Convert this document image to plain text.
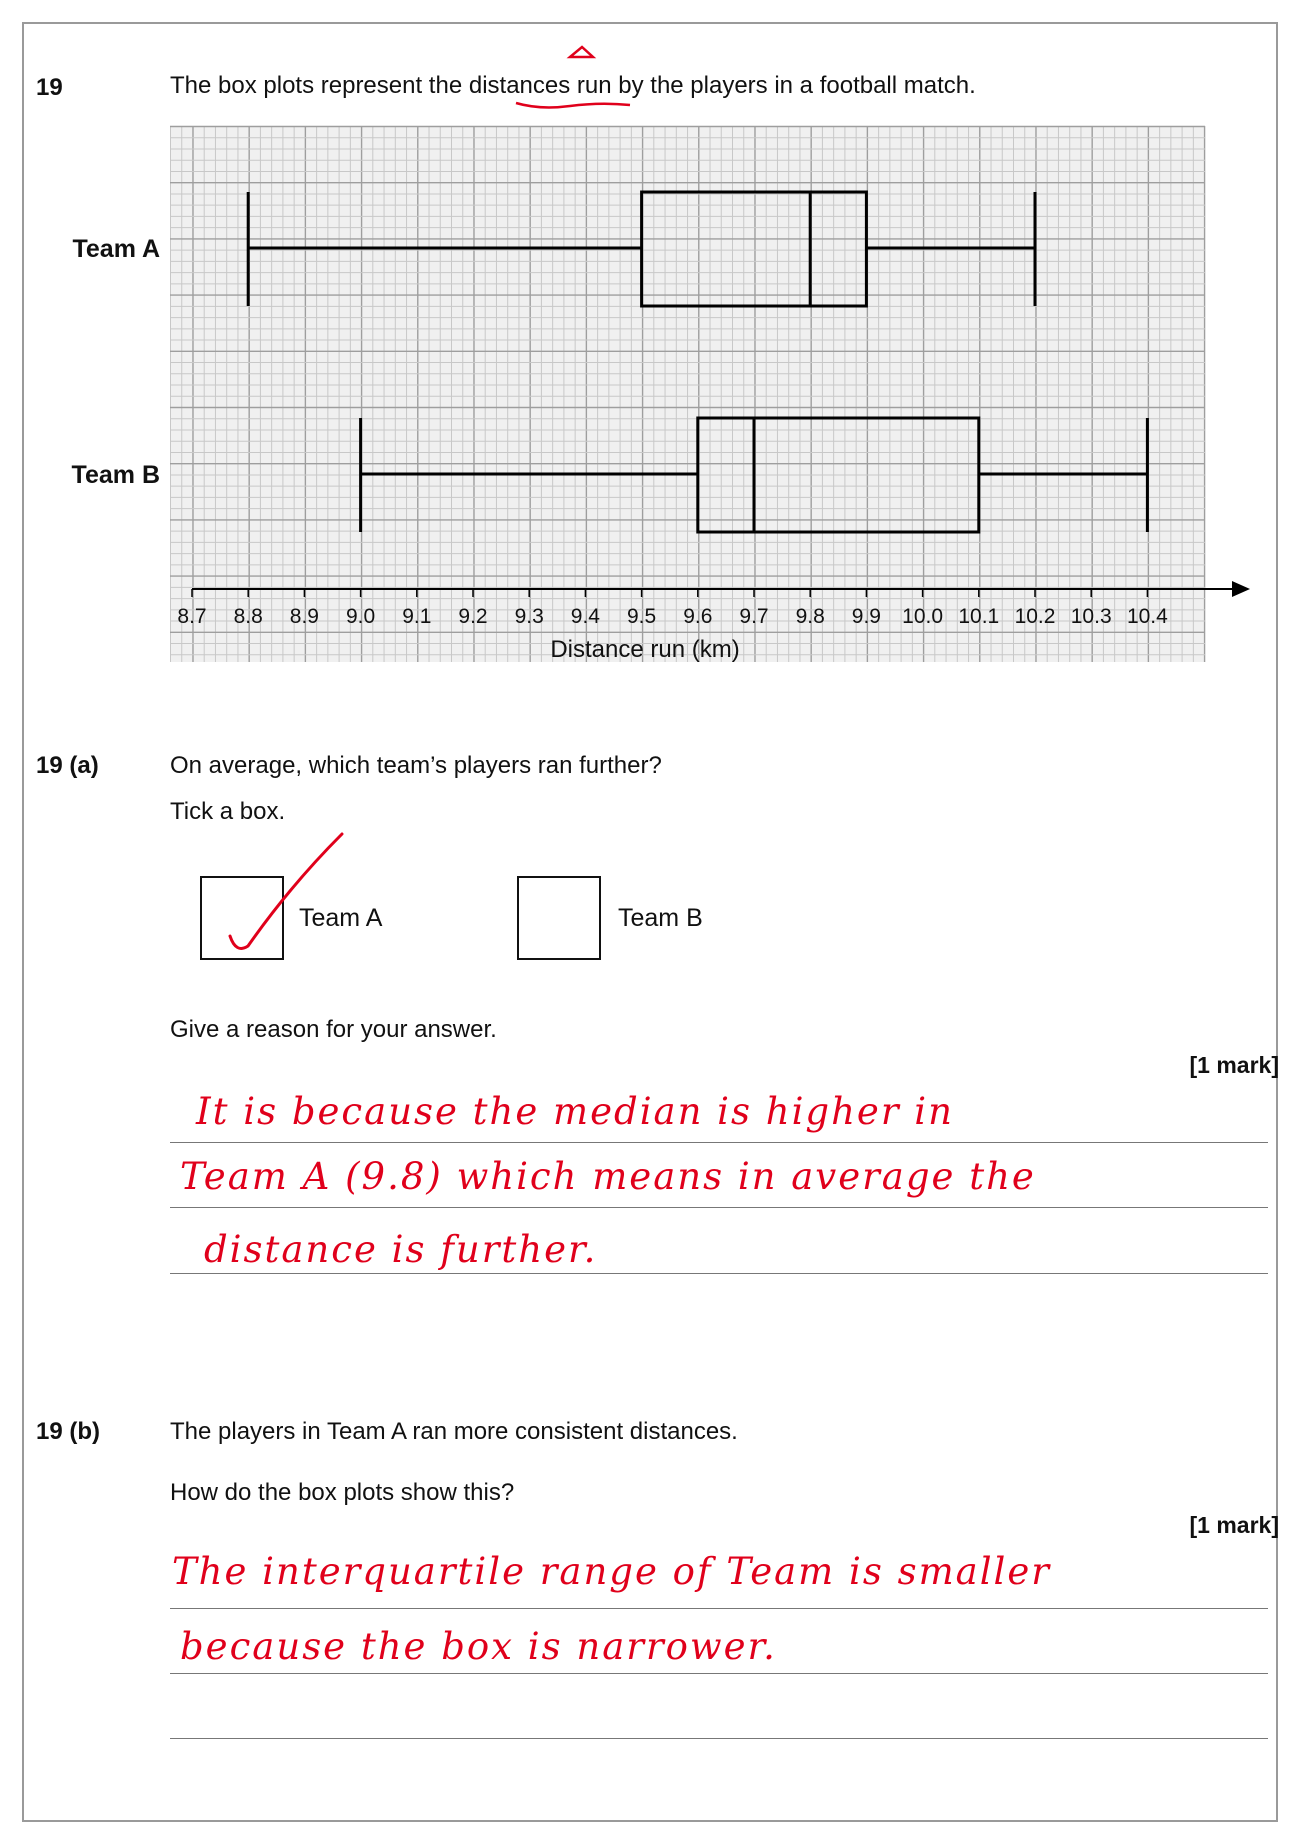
19	The box plots represent the distances run by the players in a football match.
Team A
Team B
8.7 8.8 8.9 9.0 9.1 9.2 9.3 9.4 9.5 9.6 9.7 9.8 9.9 10.0 10.1 10.2 10.3 10.4
Distance run (km)
19 (a)	On average, which team’s players ran further?
Tick a box.
Team A	Team B
Give a reason for your answer.
[1 mark]
It is because the median is higher in
Team A (9.8) which means in average the
distance is further.
19 (b)	The players in Team A ran more consistent distances.
How do the box plots show this?
[1 mark]
The interquartile range of Team is smaller
because the box is narrower.
